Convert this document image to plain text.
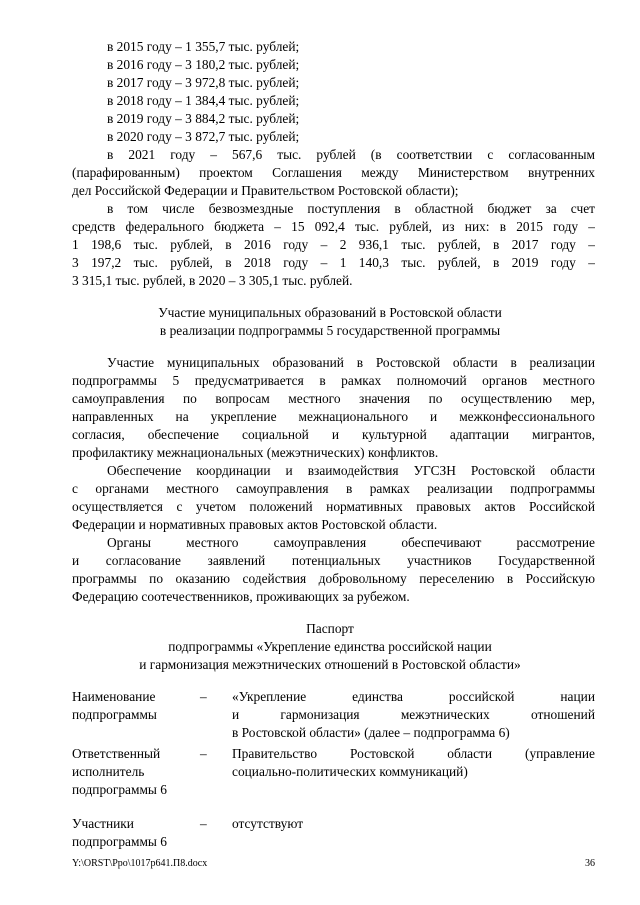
в 2015 году – 1 355,7 тыс. рублей;
в 2016 году – 3 180,2 тыс. рублей;
в 2017 году – 3 972,8 тыс. рублей;
в 2018 году – 1 384,4 тыс. рублей;
в 2019 году – 3 884,2 тыс. рублей;
в 2020 году – 3 872,7 тыс. рублей;
в 2021 году – 567,6 тыс. рублей (в соответствии с согласованным
(парафированным) проектом Соглашения между Министерством внутренних
дел Российской Федерации и Правительством Ростовской области);
в том числе безвозмездные поступления в областной бюджет за счет
средств федерального бюджета – 15 092,4 тыс. рублей, из них: в 2015 году –
1 198,6 тыс. рублей, в 2016 году – 2 936,1 тыс. рублей, в 2017 году –
3 197,2 тыс. рублей, в 2018 году – 1 140,3 тыс. рублей, в 2019 году –
3 315,1 тыс. рублей, в 2020 – 3 305,1 тыс. рублей.
Участие муниципальных образований в Ростовской области
в реализации подпрограммы 5 государственной программы
Участие муниципальных образований в Ростовской области в реализации
подпрограммы 5 предусматривается в рамках полномочий органов местного
самоуправления по вопросам местного значения по осуществлению мер,
направленных на укрепление межнационального и межконфессионального
согласия, обеспечение социальной и культурной адаптации мигрантов,
профилактику межнациональных (межэтнических) конфликтов.
Обеспечение координации и взаимодействия УГСЗН Ростовской области
с органами местного самоуправления в рамках реализации подпрограммы
осуществляется с учетом положений нормативных правовых актов Российской
Федерации и нормативных правовых актов Ростовской области.
Органы местного самоуправления обеспечивают рассмотрение
и согласование заявлений потенциальных участников Государственной
программы по оказанию содействия добровольному переселению в Российскую
Федерацию соотечественников, проживающих за рубежом.
Паспорт
подпрограммы «Укрепление единства российской нации
и гармонизация межэтнических отношений в Ростовской области»
Наименование
подпрограммы
– «Укрепление единства российской нации
и гармонизация межэтнических отношений
в Ростовской области» (далее – подпрограмма 6)
Ответственный
исполнитель
подпрограммы 6
– Правительство Ростовской области (управление
социально-политических коммуникаций)
Участники
подпрограммы 6
– отсутствуют
Y:\ORST\Ppo\1017p641.П8.docx	36
